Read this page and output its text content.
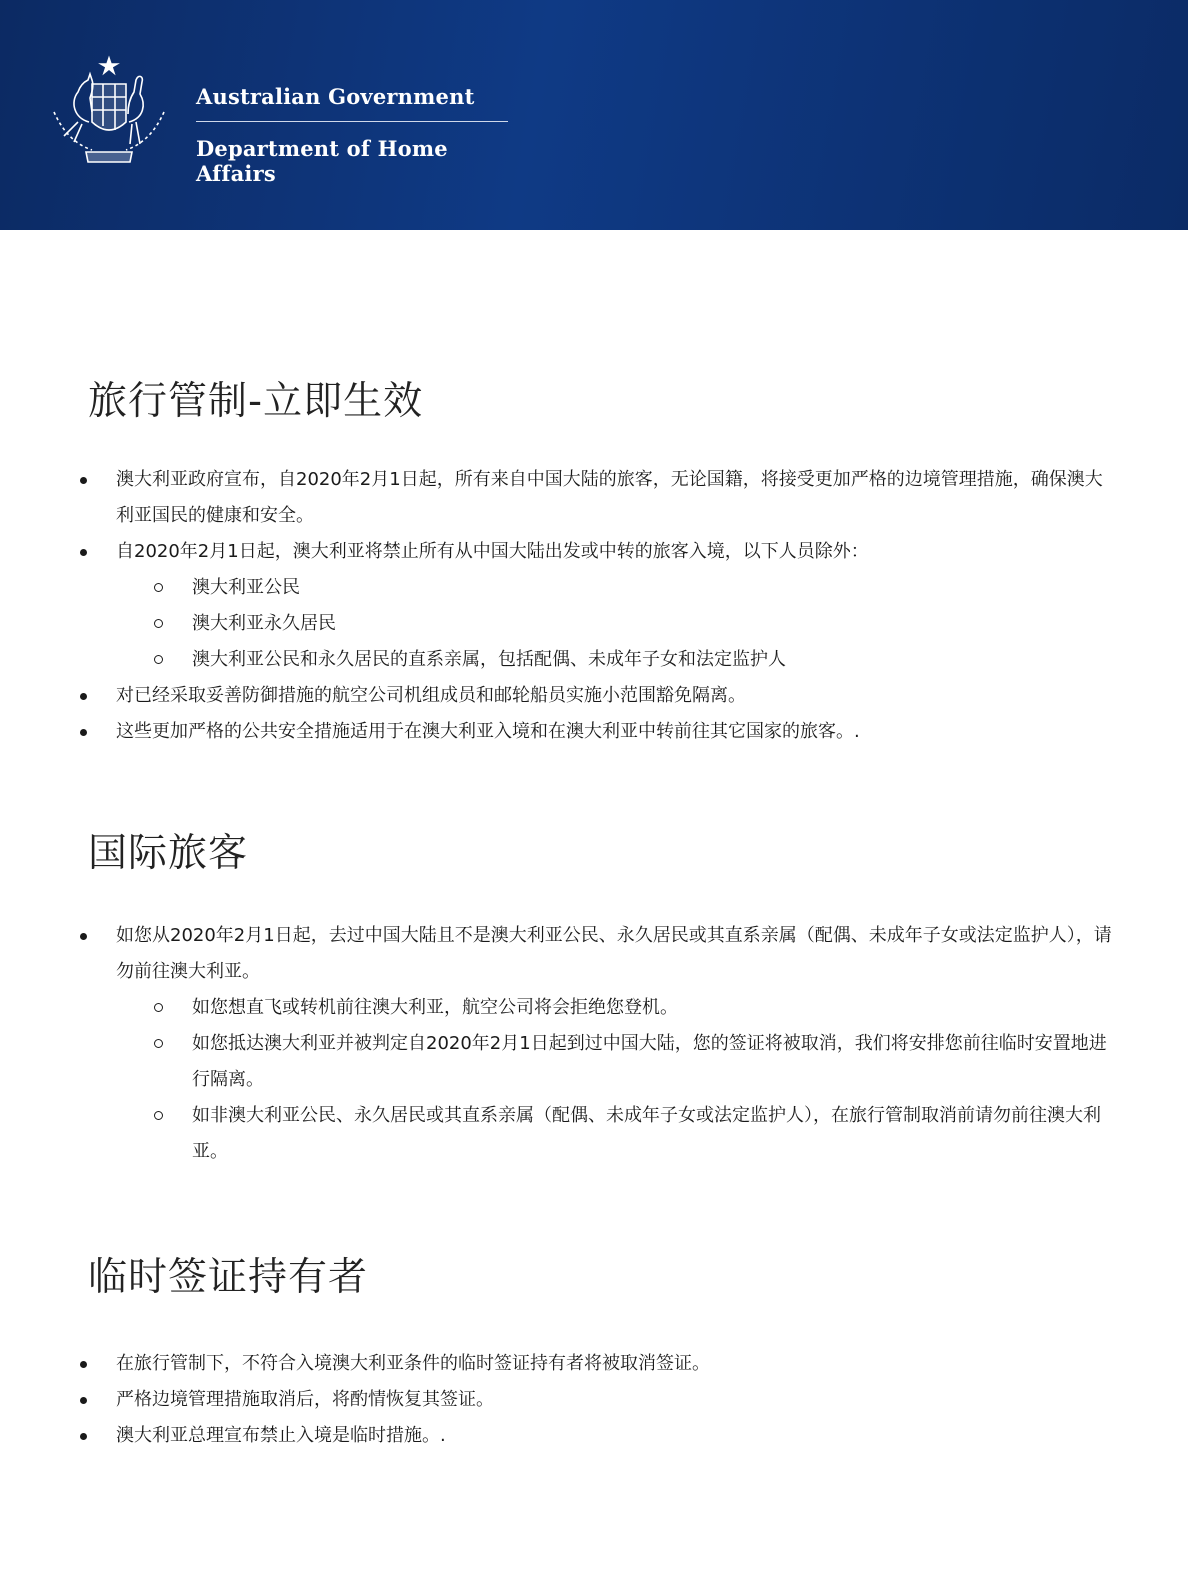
Australian Government
Department of Home Affairs
旅行管制-立即生效
澳大利亚政府宣布，自2020年2月1日起，所有来自中国大陆的旅客，无论国籍，将接受更加严格的边境管理措施，确保澳大利亚国民的健康和安全。
自2020年2月1日起，澳大利亚将禁止所有从中国大陆出发或中转的旅客入境，以下人员除外：
澳大利亚公民
澳大利亚永久居民
澳大利亚公民和永久居民的直系亲属，包括配偶、未成年子女和法定监护人
对已经采取妥善防御措施的航空公司机组成员和邮轮船员实施小范围豁免隔离。
这些更加严格的公共安全措施适用于在澳大利亚入境和在澳大利亚中转前往其它国家的旅客。.
国际旅客
如您从2020年2月1日起，去过中国大陆且不是澳大利亚公民、永久居民或其直系亲属（配偶、未成年子女或法定监护人），请勿前往澳大利亚。
如您想直飞或转机前往澳大利亚，航空公司将会拒绝您登机。
如您抵达澳大利亚并被判定自2020年2月1日起到过中国大陆，您的签证将被取消，我们将安排您前往临时安置地进行隔离。
如非澳大利亚公民、永久居民或其直系亲属（配偶、未成年子女或法定监护人），在旅行管制取消前请勿前往澳大利亚。
临时签证持有者
在旅行管制下，不符合入境澳大利亚条件的临时签证持有者将被取消签证。
严格边境管理措施取消后，将酌情恢复其签证。
澳大利亚总理宣布禁止入境是临时措施。.
